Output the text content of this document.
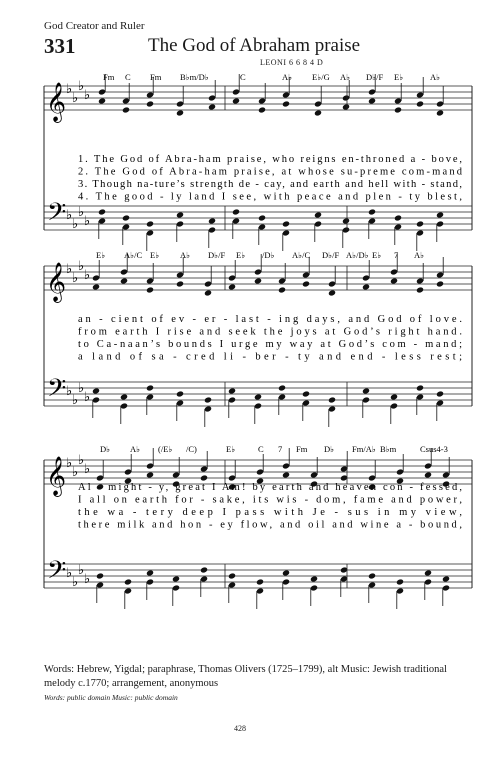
God Creator and Ruler
331	The God of Abraham praise
LEONI 6 6 8 4 D
𝄞
𝄢
♭
♭
♭
♭
♭
♭
♭
♭
Fm C Fm B♭m/D♭	C	A♭ E♭/G A♭ D♭/F E♭	A♭
1. The God of Abra-ham praise, who reigns en-throned a - bove,
2. The God of Abra-ham praise, at whose su-preme com-mand
3. Though na-ture’s strength de - cay, and earth and hell with - stand,
4. The good - ly land I see, with peace and plen - ty blest,
𝄞
𝄢
♭
♭
♭
♭
♭
♭
♭
♭
E♭ A♭/C E♭ A♭ D♭/F E♭ /D♭ A♭/C D♭/F A♭/D♭ E♭ 7 A♭
an - cient of ev - er - last - ing days, and God of love.
from earth I rise and seek the joys at God’s right hand.
to Ca-naan’s bounds I urge my way at God’s com - mand;
a land of sa - cred li - ber - ty and end - less rest;
𝄞
𝄢
♭
♭
♭
♭
♭
♭
♭
♭
D♭ A♭ (/E♭ /C)	E♭	C 7 Fm D♭ Fm/A♭ B♭m	Csus4-3
Al - might - y, great I Am! by earth and heaven con - fessed,
I all on earth for - sake, its wis - dom, fame and power,
the wa - tery deep I pass with Je - sus in my view,
there milk and hon - ey flow, and oil and wine a - bound,
Words: Hebrew, Yigdal; paraphrase, Thomas Olivers (1725–1799), alt Music: Jewish traditional melody c.1770; arrangement, anonymous
Words: public domain Music: public domain
428
